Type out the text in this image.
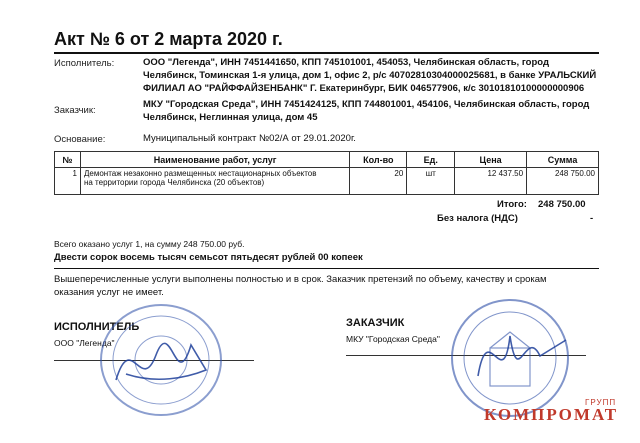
Акт № 6 от 2 марта 2020 г.
Исполнитель:	ООО "Легенда", ИНН 7451441650, КПП 745101001, 454053, Челябинская область, город
Челябинск, Томинская 1-я улица, дом 1, офис 2, р/с 40702810304000025681, в банке УРАЛЬСКИЙ
ФИЛИАЛ АО "РАЙФФАЙЗЕНБАНК" Г. Екатеринбург, БИК 046577906, к/с 30101810100000000906
Заказчик:
МКУ "Городская Среда", ИНН 7451424125, КПП 744801001, 454106, Челябинская область, город
Челябинск, Неглинная улица, дом 45
Основание:	Муниципальный контракт №02/А от 29.01.2020г.
№	Наименование работ, услуг	Кол-во	Ед.	Цена	Сумма
1	Демонтаж незаконно размещенных нестационарных объектов
на территории города Челябинска (20 объектов)	20	шт	12 437.50	248 750.00
Итого: 248 750.00
Без налога (НДС)	-
Всего оказано услуг 1, на сумму 248 750.00 руб.
Двести сорок восемь тысяч семьсот пятьдесят рублей 00 копеек
Вышеперечисленные услуги выполнены полностью и в срок. Заказчик претензий по объему, качеству и срокам
оказания услуг не имеет.
ИСПОЛНИТЕЛЬ
ООО "Легенда"
ЗАКАЗЧИК
МКУ "Городская Среда"
КОМПРОМАТ
ГРУПП
